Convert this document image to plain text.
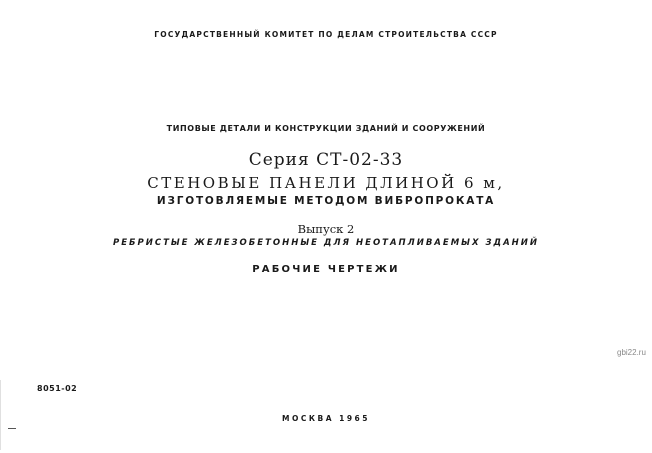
ГОСУДАРСТВЕННЫЙ КОМИТЕТ ПО ДЕЛАМ СТРОИТЕЛЬСТВА СССР
ТИПОВЫЕ ДЕТАЛИ И КОНСТРУКЦИИ ЗДАНИЙ И СООРУЖЕНИЙ
Серия СТ-02-33
СТЕНОВЫЕ ПАНЕЛИ ДЛИНОЙ 6 м,
ИЗГОТОВЛЯЕМЫЕ МЕТОДОМ ВИБРОПРОКАТА
Выпуск 2
РЕБРИСТЫЕ ЖЕЛЕЗОБЕТОННЫЕ ДЛЯ НЕОТАПЛИВАЕМЫХ ЗДАНИЙ
РАБОЧИЕ ЧЕРТЕЖИ
8051-02
МОСКВА 1965
gbi22.ru
